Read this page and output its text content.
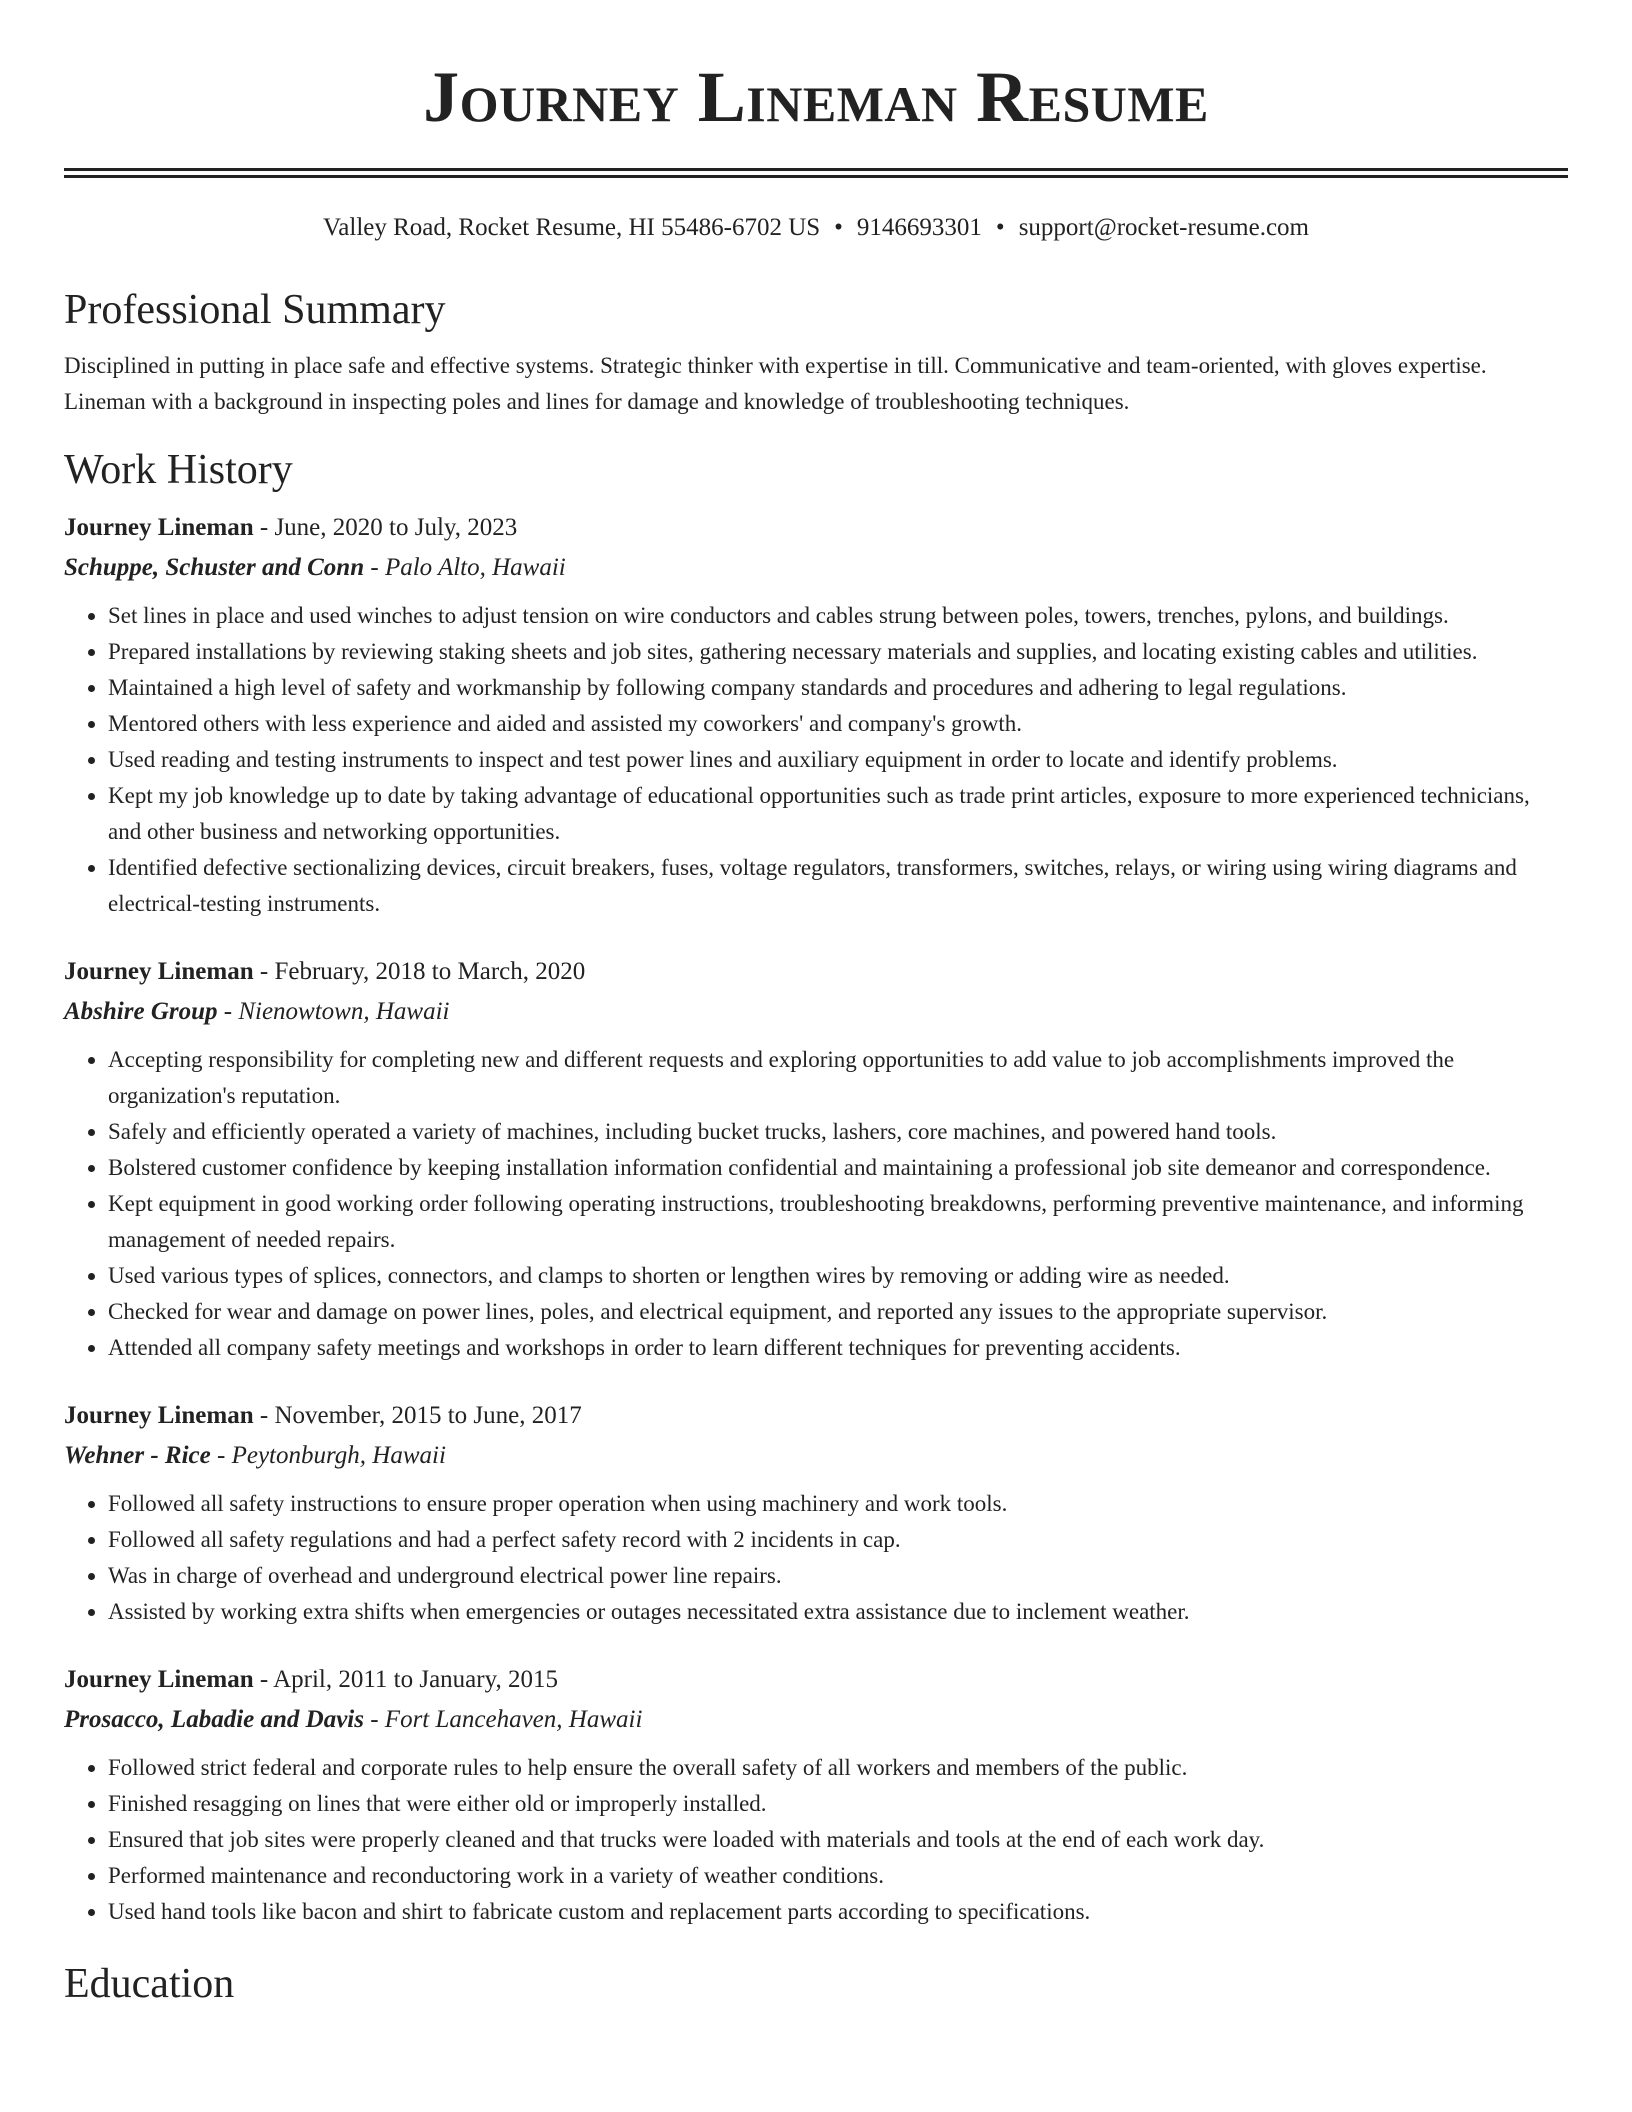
Journey Lineman Resume
Valley Road, Rocket Resume, HI 55486-6702 US • 9146693301 • support@rocket-resume.com
Professional Summary

Disciplined in putting in place safe and effective systems. Strategic thinker with expertise in till. Communicative and team-oriented, with gloves expertise. Lineman with a background in inspecting poles and lines for damage and knowledge of troubleshooting techniques.

Work History
Journey Lineman - June, 2020 to July, 2023
Schuppe, Schuster and Conn - Palo Alto, Hawaii
• Set lines in place and used winches to adjust tension on wire conductors and cables strung between poles, towers, trenches, pylons, and buildings.
• Prepared installations by reviewing staking sheets and job sites, gathering necessary materials and supplies, and locating existing cables and utilities.
• Maintained a high level of safety and workmanship by following company standards and procedures and adhering to legal regulations.
• Mentored others with less experience and aided and assisted my coworkers' and company's growth.
• Used reading and testing instruments to inspect and test power lines and auxiliary equipment in order to locate and identify problems.
• Kept my job knowledge up to date by taking advantage of educational opportunities such as trade print articles, exposure to more experienced technicians, and other business and networking opportunities.
• Identified defective sectionalizing devices, circuit breakers, fuses, voltage regulators, transformers, switches, relays, or wiring using wiring diagrams and electrical-testing instruments.
Journey Lineman - February, 2018 to March, 2020
Abshire Group - Nienowtown, Hawaii
• Accepting responsibility for completing new and different requests and exploring opportunities to add value to job accomplishments improved the organization's reputation.
• Safely and efficiently operated a variety of machines, including bucket trucks, lashers, core machines, and powered hand tools.
• Bolstered customer confidence by keeping installation information confidential and maintaining a professional job site demeanor and correspondence.
• Kept equipment in good working order following operating instructions, troubleshooting breakdowns, performing preventive maintenance, and informing management of needed repairs.
• Used various types of splices, connectors, and clamps to shorten or lengthen wires by removing or adding wire as needed.
• Checked for wear and damage on power lines, poles, and electrical equipment, and reported any issues to the appropriate supervisor.
• Attended all company safety meetings and workshops in order to learn different techniques for preventing accidents.
Journey Lineman - November, 2015 to June, 2017
Wehner - Rice - Peytonburgh, Hawaii
• Followed all safety instructions to ensure proper operation when using machinery and work tools.
• Followed all safety regulations and had a perfect safety record with 2 incidents in cap.
• Was in charge of overhead and underground electrical power line repairs.
• Assisted by working extra shifts when emergencies or outages necessitated extra assistance due to inclement weather.
Journey Lineman - April, 2011 to January, 2015
Prosacco, Labadie and Davis - Fort Lancehaven, Hawaii
• Followed strict federal and corporate rules to help ensure the overall safety of all workers and members of the public.
• Finished resagging on lines that were either old or improperly installed.
• Ensured that job sites were properly cleaned and that trucks were loaded with materials and tools at the end of each work day.
• Performed maintenance and reconductoring work in a variety of weather conditions.
• Used hand tools like bacon and shirt to fabricate custom and replacement parts according to specifications.
Education
